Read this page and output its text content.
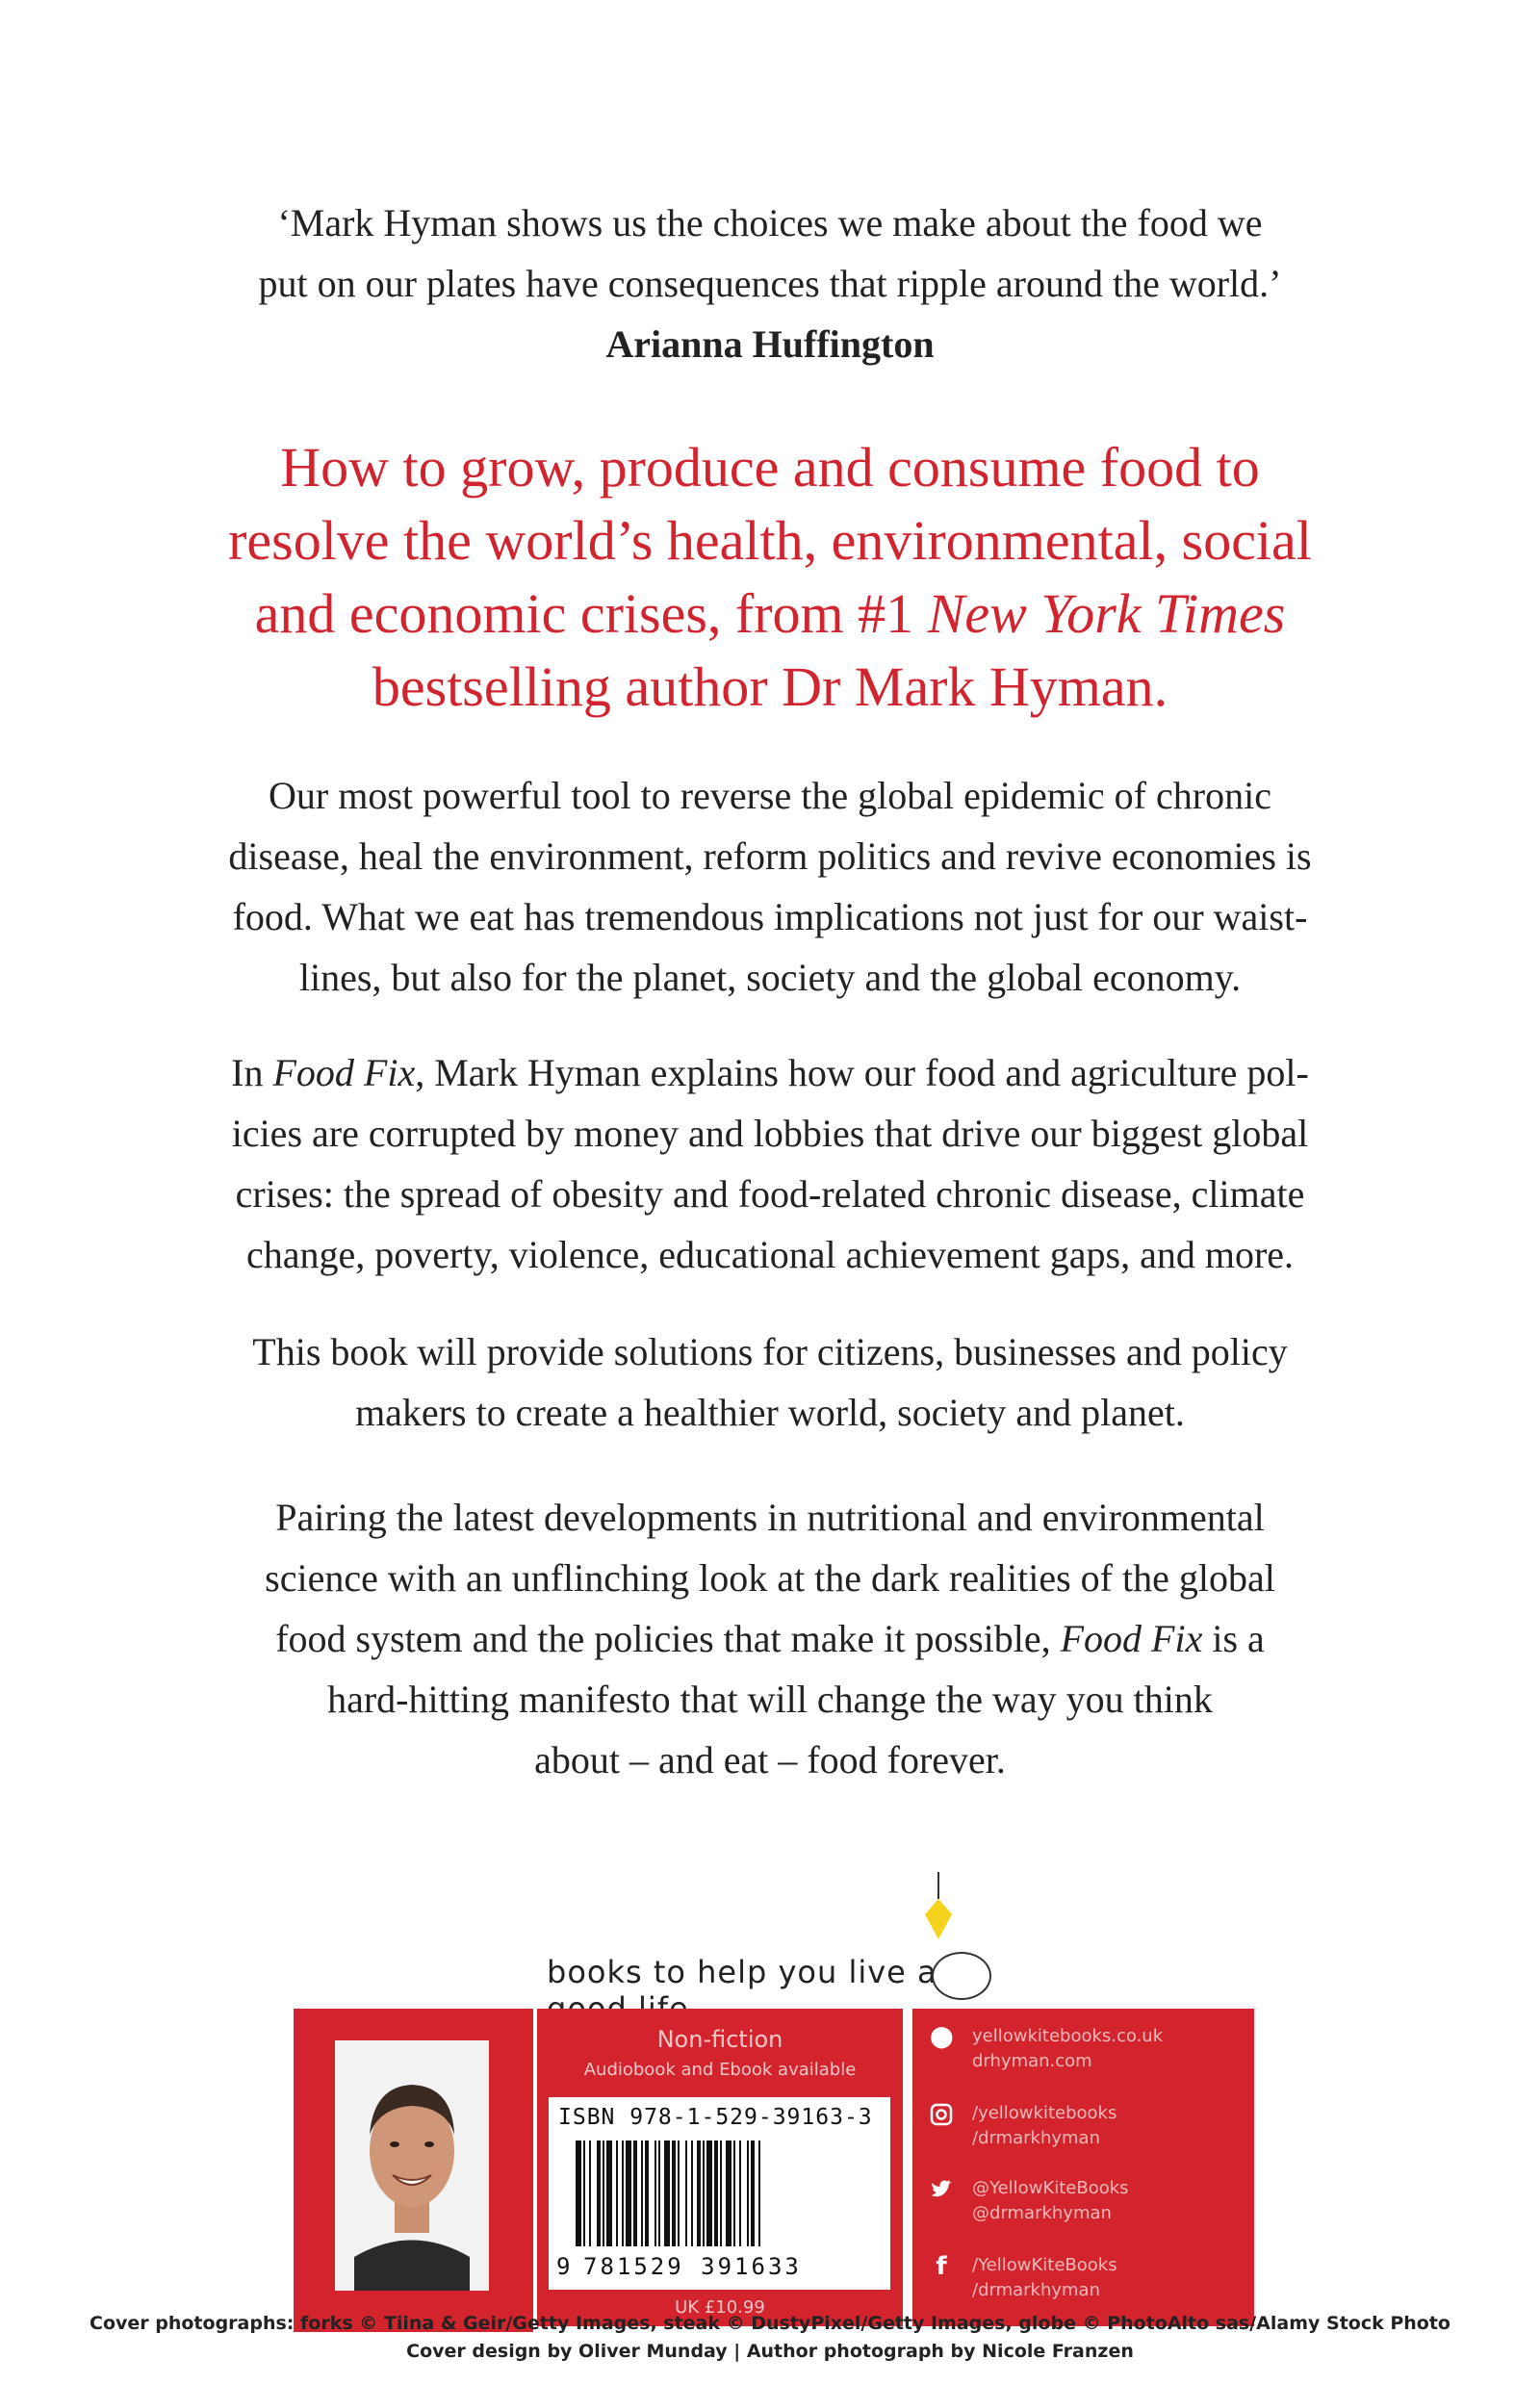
‘Mark Hyman shows us the choices we make about the food we
put on our plates have consequences that ripple around the world.’
Arianna Huffington
How to grow, produce and consume food to
resolve the world’s health, environmental, social
and economic crises, from #1 New York Times
bestselling author Dr Mark Hyman.
Our most powerful tool to reverse the global epidemic of chronic
disease, heal the environment, reform politics and revive economies is
food. What we eat has tremendous implications not just for our waist-
lines, but also for the planet, society and the global economy.
In Food Fix, Mark Hyman explains how our food and agriculture pol-
icies are corrupted by money and lobbies that drive our biggest global
crises: the spread of obesity and food-related chronic disease, climate
change, poverty, violence, educational achievement gaps, and more.
This book will provide solutions for citizens, businesses and policy
makers to create a healthier world, society and planet.
Pairing the latest developments in nutritional and environmental
science with an unflinching look at the dark realities of the global
food system and the policies that make it possible, Food Fix is a
hard-hitting manifesto that will change the way you think
about – and eat – food forever.
books to help you live a
Non-fiction
Audiobook and Ebook available
ISBN 978-1-529-39163-3
9 781529 391633
UK £10.99
⬤ yellowkitebooks.co.uk
drhyman.com
/yellowkitebooks
/drmarkhyman
@YellowKiteBooks
@drmarkhyman
f	/YellowKiteBooks
/drmarkhyman
Cover photographs: forks © Tiina & Geir/Getty Images, steak © DustyPixel/Getty Images, globe © PhotoAlto sas/Alamy Stock Photo
Cover design by Oliver Munday | Author photograph by Nicole Franzen
